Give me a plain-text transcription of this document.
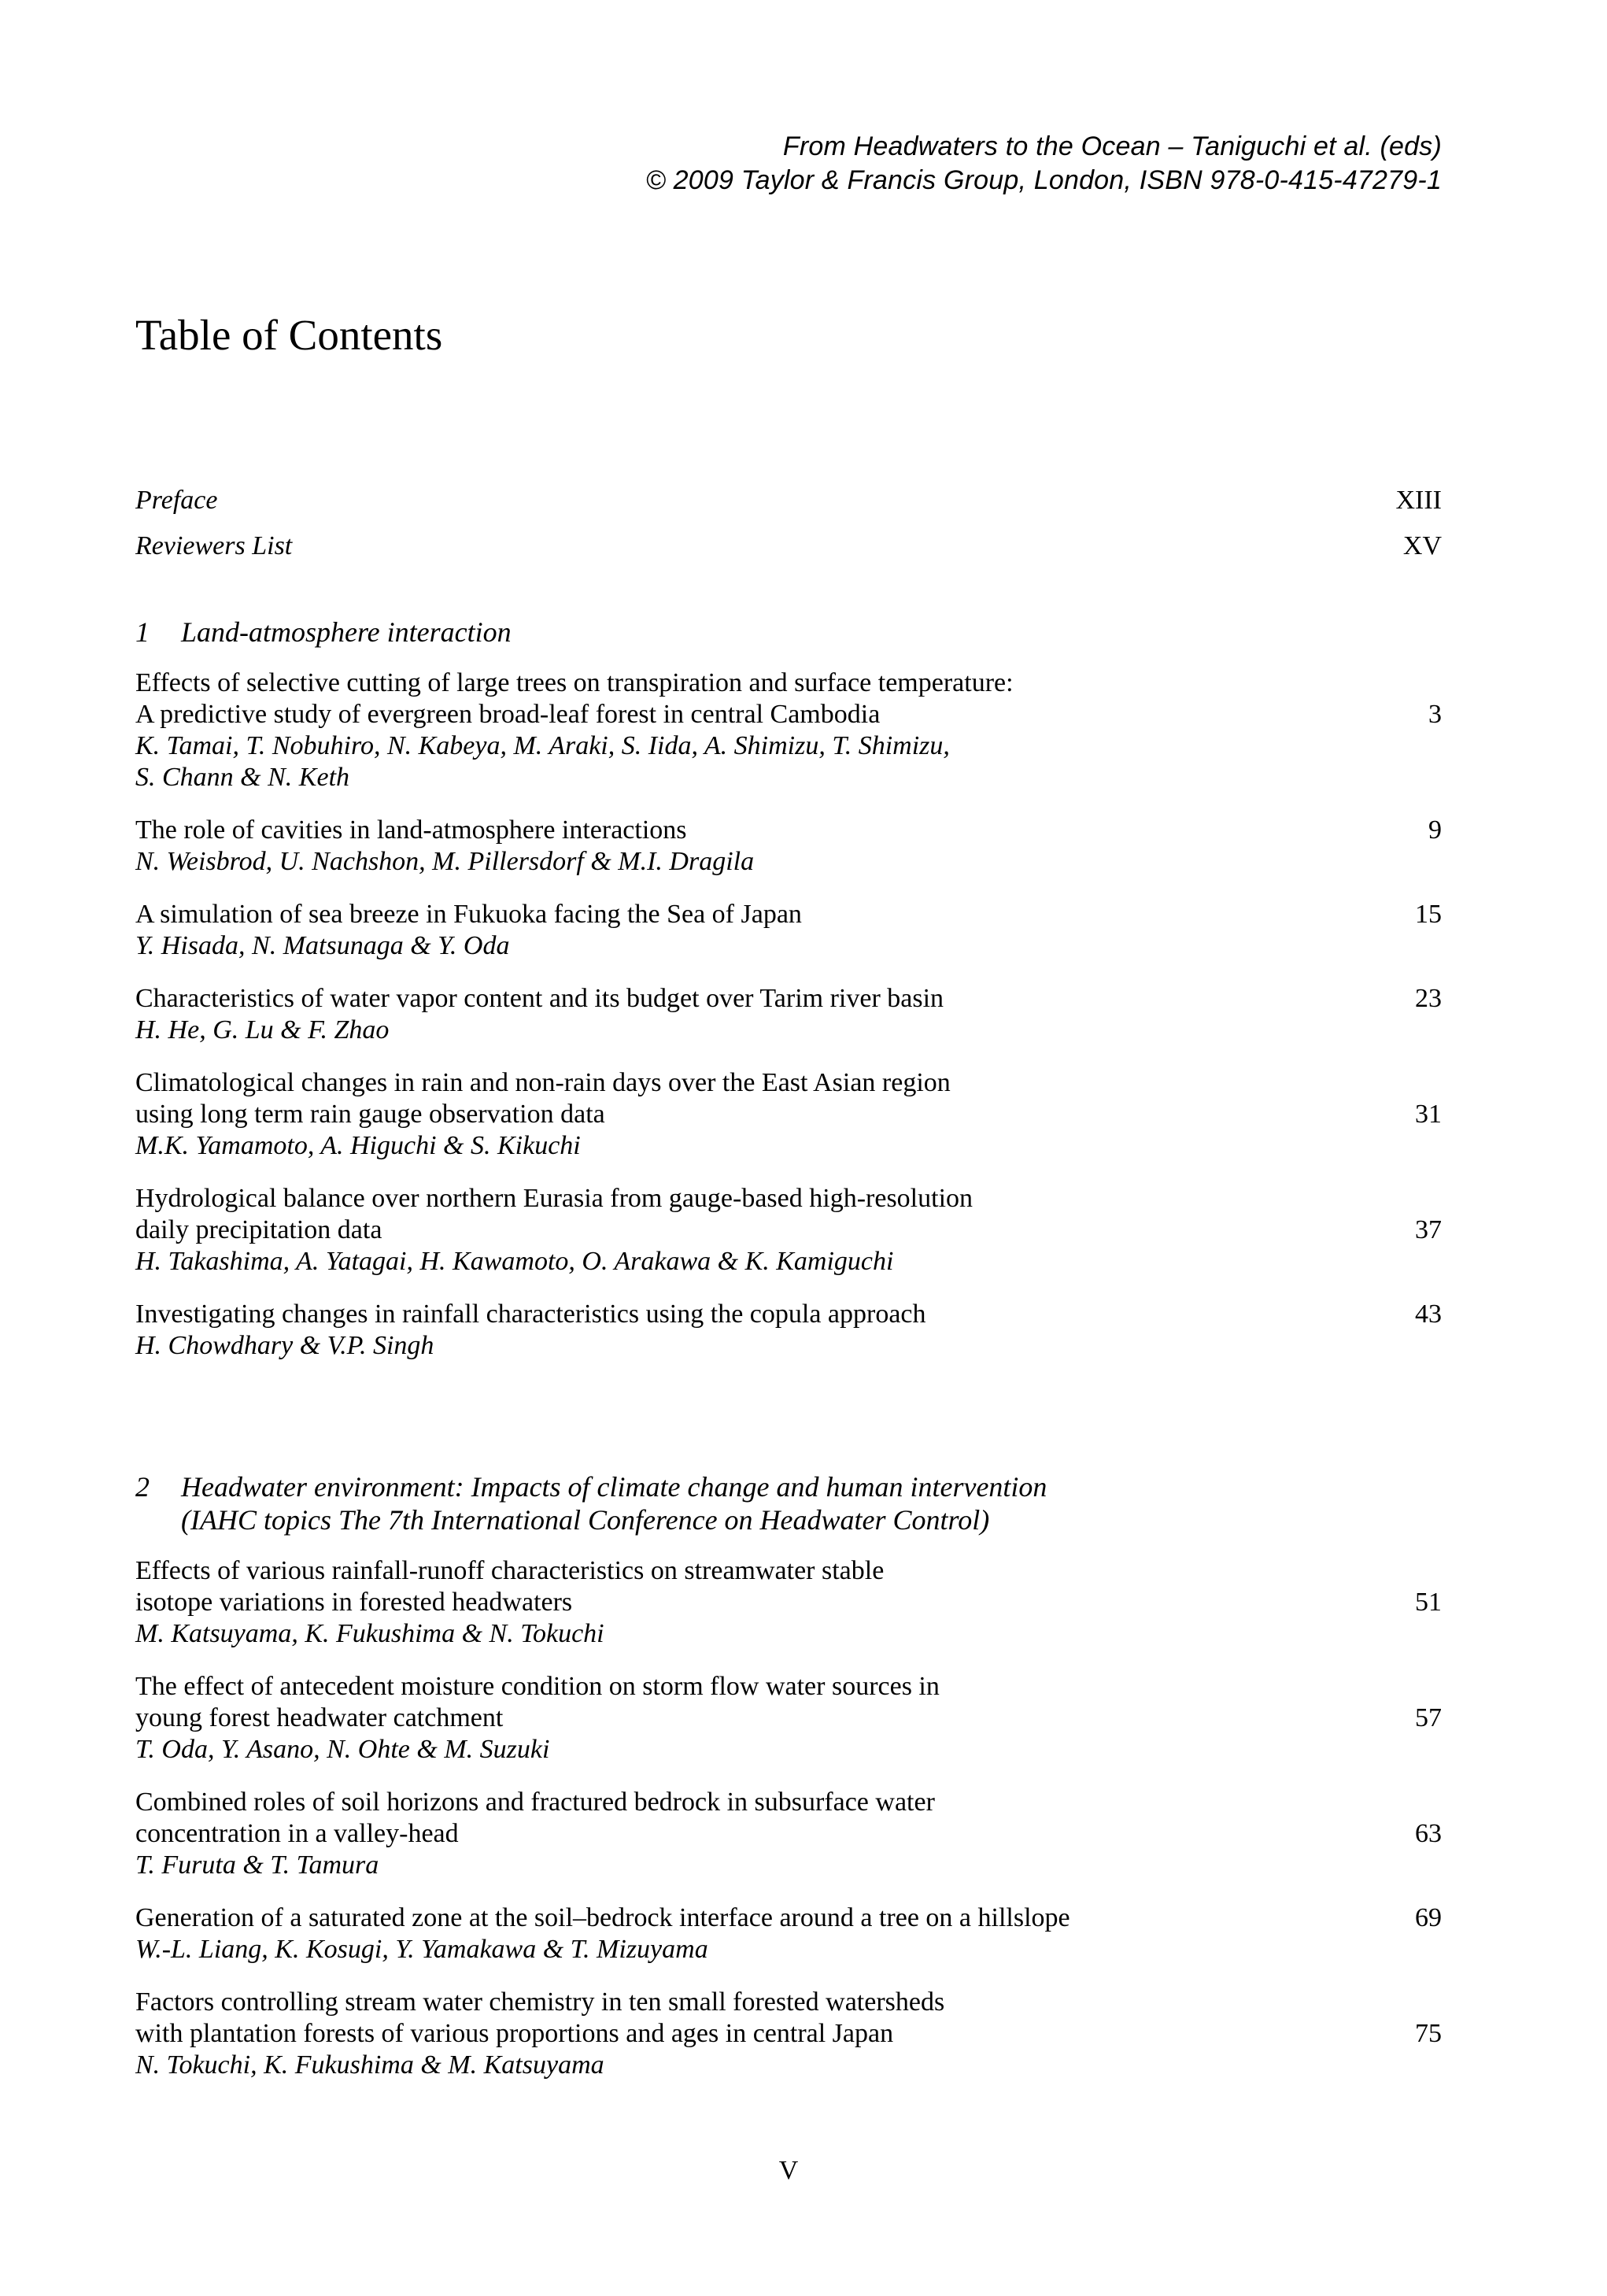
From Headwaters to the Ocean – Taniguchi et al. (eds)
© 2009 Taylor & Francis Group, London, ISBN 978-0-415-47279-1
Table of Contents
Preface	XIII
Reviewers List	XV
1	Land-atmosphere interaction
Effects of selective cutting of large trees on transpiration and surface temperature:
A predictive study of evergreen broad-leaf forest in central Cambodia	3
K. Tamai, T. Nobuhiro, N. Kabeya, M. Araki, S. Iida, A. Shimizu, T. Shimizu,
S. Chann & N. Keth
The role of cavities in land-atmosphere interactions	9
N. Weisbrod, U. Nachshon, M. Pillersdorf & M.I. Dragila
A simulation of sea breeze in Fukuoka facing the Sea of Japan	15
Y. Hisada, N. Matsunaga & Y. Oda
Characteristics of water vapor content and its budget over Tarim river basin	23
H. He, G. Lu & F. Zhao
Climatological changes in rain and non-rain days over the East Asian region
using long term rain gauge observation data	31
M.K. Yamamoto, A. Higuchi & S. Kikuchi
Hydrological balance over northern Eurasia from gauge-based high-resolution
daily precipitation data	37
H. Takashima, A. Yatagai, H. Kawamoto, O. Arakawa & K. Kamiguchi
Investigating changes in rainfall characteristics using the copula approach	43
H. Chowdhary & V.P. Singh
2	Headwater environment: Impacts of climate change and human intervention
(IAHC topics The 7th International Conference on Headwater Control)
Effects of various rainfall-runoff characteristics on streamwater stable
isotope variations in forested headwaters	51
M. Katsuyama, K. Fukushima & N. Tokuchi
The effect of antecedent moisture condition on storm flow water sources in
young forest headwater catchment	57
T. Oda, Y. Asano, N. Ohte & M. Suzuki
Combined roles of soil horizons and fractured bedrock in subsurface water
concentration in a valley-head	63
T. Furuta & T. Tamura
Generation of a saturated zone at the soil–bedrock interface around a tree on a hillslope	69
W.-L. Liang, K. Kosugi, Y. Yamakawa & T. Mizuyama
Factors controlling stream water chemistry in ten small forested watersheds
with plantation forests of various proportions and ages in central Japan	75
N. Tokuchi, K. Fukushima & M. Katsuyama
V
